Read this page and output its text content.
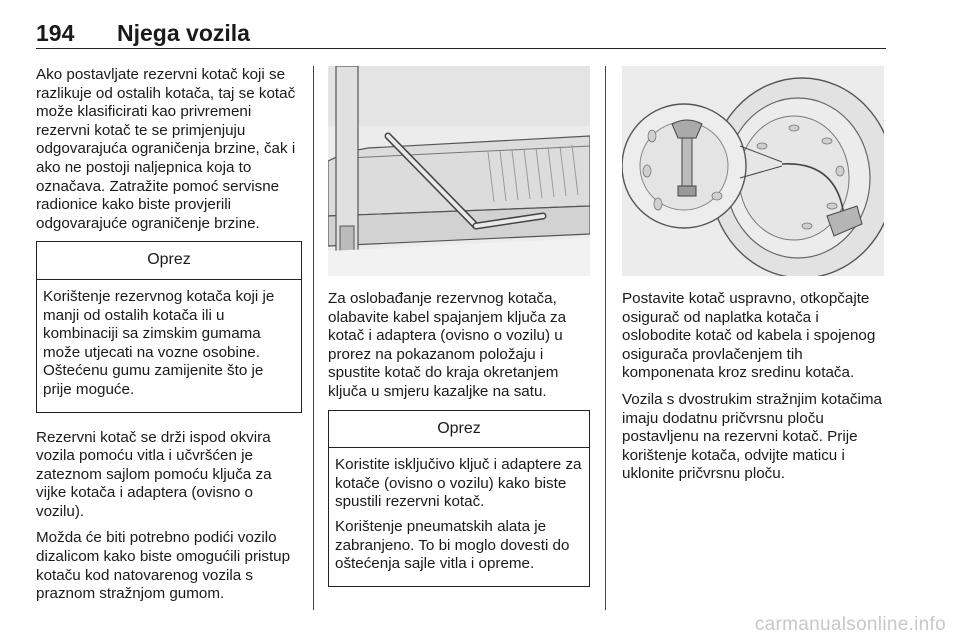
194 Njega vozila

Ako postavljate rezervni kotač koji se razlikuje od ostalih kotača, taj se kotač može klasificirati kao privremeni rezervni kotač te se primjenjuju odgovarajuća ograničenja brzine, čak i ako ne postoji naljepnica koja to označava. Zatražite pomoć servisne radionice kako biste provjerili odgovarajuće ograničenje brzine.

Oprez

Korištenje rezervnog kotača koji je manji od ostalih kotača ili u kombinaciji sa zimskim gumama može utjecati na vozne osobine. Oštećenu gumu zamijenite što je prije moguće.

Rezervni kotač se drži ispod okvira vozila pomoću vitla i učvršćen je zateznom sajlom pomoću ključa za vijke kotača i adaptera (ovisno o vozilu).

Možda će biti potrebno podići vozilo dizalicom kako biste omogućili pristup kotaču kod natovarenog vozila s praznom stražnjom gumom.

Za oslobađanje rezervnog kotača, olabavite kabel spajanjem ključa za kotač i adaptera (ovisno o vozilu) u prorez na pokazanom položaju i spustite kotač do kraja okretanjem ključa u smjeru kazaljke na satu.

Oprez

Koristite isključivo ključ i adaptere za kotače (ovisno o vozilu) kako biste spustili rezervni kotač.

Korištenje pneumatskih alata je zabranjeno. To bi moglo dovesti do oštećenja sajle vitla i opreme.

Postavite kotač uspravno, otkopčajte osigurač od naplatka kotača i oslobodite kotač od kabela i spojenog osigurača provlačenjem tih komponenata kroz sredinu kotača.

Vozila s dvostrukim stražnjim kotačima imaju dodatnu pričvrsnu ploču postavljenu na rezervni kotač. Prije korištenje kotača, odvijte maticu i uklonite pričvrsnu ploču.

carmanualsonline.info
